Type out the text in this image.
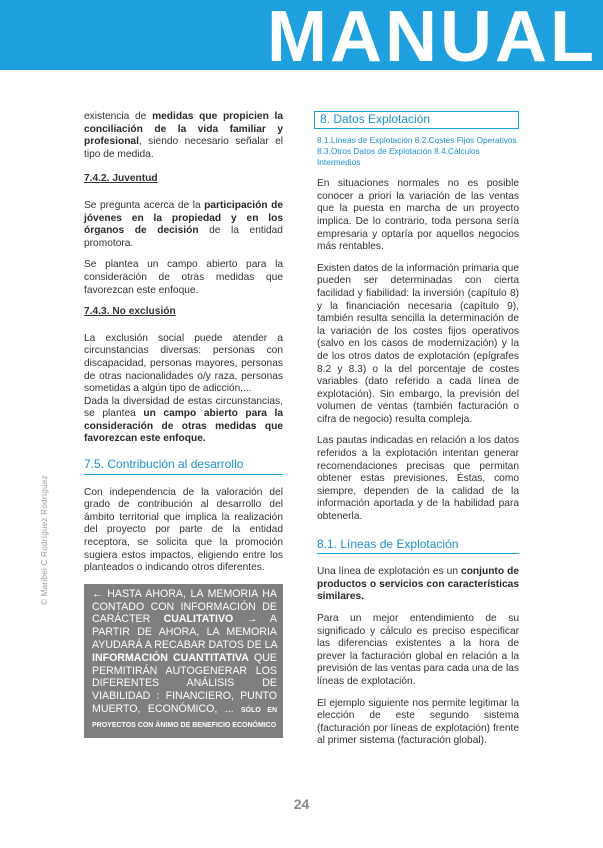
MANUAL
© Maribel C Rodríguez Rodríguez

existencia de medidas que propicien la conciliación de la vida familiar y profesional, siendo necesario señalar el tipo de medida.

7.4.2. Juventud

Se pregunta acerca de la participación de jóvenes en la propiedad y en los órganos de decisión de la entidad promotora.

Se plantea un campo abierto para la consideración de otras medidas que favorezcan este enfoque.

7.4.3. No exclusión

La exclusión social puede atender a circunstancias diversas: personas con discapacidad, personas mayores, personas de otras nacionalidades o/y raza, personas sometidas a algún tipo de adicción,...

Dada la diversidad de estas circunstancias, se plantea un campo abierto para la consideración de otras medidas que favorezcan este enfoque.

7.5. Contribución al desarrollo

Con independencia de la valoración del grado de contribución al desarrollo del ámbito territorial que implica la realización del proyecto por parte de la entidad receptora, se solicita que la promoción sugiera estos impactos, eligiendo entre los planteados o indicando otros diferentes.

← HASTA AHORA, LA MEMORIA HA CONTADO CON INFORMACIÓN DE CARÁCTER CUALITATIVO → A PARTIR DE AHORA, LA MEMORIA AYUDARÁ A RECABAR DATOS DE LA INFORMACIÓN CUANTITATIVA QUE PERMITIRÁN AUTOGENERAR LOS DIFERENTES ANÁLISIS DE VIABILIDAD : FINANCIERO, PUNTO MUERTO, ECONÓMICO, ... SÓLO EN PROYECTOS CON ÁNIMO DE BENEFICIO ECONÓMICO
8. Datos Explotación
8.1.Líneas de Explotación 8.2.Costes Fijos Operativos 8.3.Otros Datos de Explotación 8.4.Cálculos Intermedios

En situaciones normales no es posible conocer a priori la variación de las ventas que la puesta en marcha de un proyecto implica. De lo contrario, toda persona sería empresaria y optaría por aquellos negocios más rentables.

Existen datos de la información primaria que pueden ser determinadas con cierta facilidad y fiabilidad: la inversión (capítulo 8) y la financiación necesaria (capítulo 9), también resulta sencilla la determinación de la variación de los costes fijos operativos (salvo en los casos de modernización) y la de los otros datos de explotación (epígrafes 8.2 y 8.3) o la del porcentaje de costes variables (dato referido a cada línea de explotación). Sin embargo, la previsión del volumen de ventas (también facturación o cifra de negocio) resulta compleja.

Las pautas indicadas en relación a los datos referidos a la explotación intentan generar recomendaciones precisas que permitan obtener estas previsiones. Éstas, como siempre, dependen de la calidad de la información aportada y de la habilidad para obtenerla.

8.1. Líneas de Explotación

Una línea de explotación es un conjunto de productos o servicios con características similares.

Para un mejor entendimiento de su significado y cálculo es preciso especificar las diferencias existentes a la hora de prever la facturación global en relación a la previsión de las ventas para cada una de las líneas de explotación.

El ejemplo siguiente nos permite legitimar la elección de este segundo sistema (facturación por líneas de explotación) frente al primer sistema (facturación global).

24
